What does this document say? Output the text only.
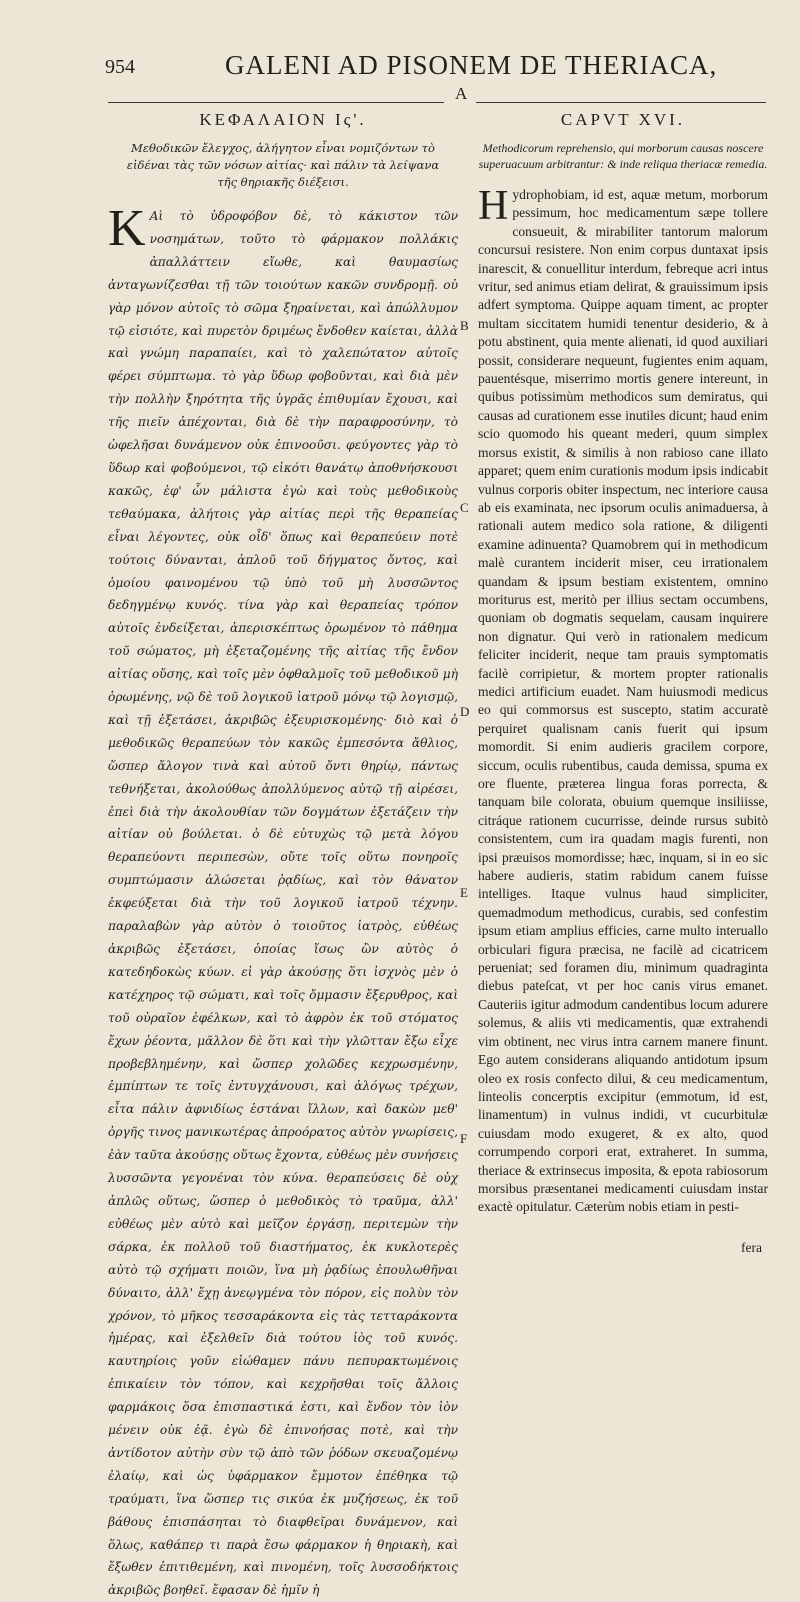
954	GALENI AD PISONEM DE THERIACA,
A
ΚΕΦΑΛΑΙΟΝ Ις'.
Μεθοδικῶν ἔλεγχος, ἀλήγητον εἶναι νομιζόντων τὸ εἰδέναι τὰς τῶν νόσων αἰτίας· καὶ πάλιν τὰ λείψανα τῆς θηριακῆς διέξεισι.
Κ Aὶ τὸ ὑδροφόβον δὲ, τὸ κάκιστον τῶν νοσημάτων, τοῦτο τὸ φάρμακον πολλάκις ἀπαλλάττειν εἴωθε, καὶ θαυμασίως ἀνταγωνίζεσθαι τῇ τῶν τοιούτων κακῶν συνδρομῇ. οὐ γὰρ μόνον αὐτοῖς τὸ σῶμα ξηραίνεται, καὶ ἀπώλλυμον τῷ εἰσιότε, καὶ πυρετὸν δριμέως ἔνδοθεν καίεται, ἀλλὰ καὶ γνώμη παραπαίει, καὶ τὸ χαλεπώτατον αὐτοῖς φέρει σύμπτωμα. τὸ γὰρ ὕδωρ φοβοῦνται, καὶ διὰ μὲν τὴν πολλὴν ξηρότητα τῆς ὑγρᾶς ἐπιθυμίαν ἔχουσι, καὶ τῆς πιεῖν ἀπέχονται, διὰ δὲ τὴν παραφροσύνην, τὸ ὠφελῆσαι δυνάμενον οὐκ ἐπινοοῦσι. φεύγοντες γὰρ τὸ ὕδωρ καὶ φοβούμενοι, τῷ εἰκότι θανάτῳ ἀποθνήσκουσι κακῶς, ἐφ' ὧν μάλιστα ἐγὼ καὶ τοὺς μεθοδικοὺς τεθαύμακα, ἀλήτοις γὰρ αἰτίας περὶ τῆς θεραπείας εἶναι λέγοντες, οὐκ οἶδ' ὅπως καὶ θεραπεύειν ποτὲ τούτοις δύνανται, ἁπλοῦ τοῦ δήγματος ὄντος, καὶ ὁμοίου φαινομένου τῷ ὑπὸ τοῦ μὴ λυσσῶντος δεδηγμένῳ κυνός. τίνα γὰρ καὶ θεραπείας τρόπον αὐτοῖς ἐνδείξεται, ἀπερισκέπτως ὁρωμένον τὸ πάθημα τοῦ σώματος, μὴ ἐξεταζομένης τῆς αἰτίας τῆς ἔνδον αἰτίας οὔσης, καὶ τοῖς μὲν ὀφθαλμοῖς τοῦ μεθοδικοῦ μὴ ὁρωμένης, νῷ δὲ τοῦ λογικοῦ ἰατροῦ μόνῳ τῷ λογισμῷ, καὶ τῇ ἐξετάσει, ἀκριβῶς ἐξευρισκομένης· διὸ καὶ ὁ μεθοδικῶς θεραπεύων τὸν κακῶς ἐμπεσόντα ἄθλιος, ὥσπερ ἄλογον τινὰ καὶ αὐτοῦ ὄντι θηρίῳ, πάντως τεθνήξεται, ἀκολούθως ἀπολλύμενος αὐτῷ τῇ αἱρέσει, ἐπεὶ διὰ τὴν ἀκολουθίαν τῶν δογμάτων ἐξετάζειν τὴν αἰτίαν οὐ βούλεται. ὁ δὲ εὐτυχὼς τῷ μετὰ λόγου θεραπεύοντι περιπεσὼν, οὔτε τοῖς οὕτω πονηροῖς συμπτώμασιν ἁλώσεται ῥᾳδίως, καὶ τὸν θάνατον ἐκφεύξεται διὰ τὴν τοῦ λογικοῦ ἰατροῦ τέχνην. παραλαβὼν γὰρ αὐτὸν ὁ τοιοῦτος ἰατρὸς, εὐθέως ἀκριβῶς ἐξετάσει, ὁποίας ἴσως ὢν αὐτὸς ὁ κατεδηδοκὼς κύων. εἰ γὰρ ἀκούσῃς ὅτι ἰσχνὸς μὲν ὁ κατέχηρος τῷ σώματι, καὶ τοῖς ὄμμασιν ἔξερυθρος, καὶ τοῦ οὐραῖον ἐφέλκων, καὶ τὸ ἀφρὸν ἐκ τοῦ στόματος ἔχων ῥέοντα, μᾶλλον δὲ ὅτι καὶ τὴν γλῶτταν ἔξω εἶχε προβεβλημένην, καὶ ὥσπερ χολῶδες κεχρωσμένην, ἐμπίπτων τε τοῖς ἐντυγχάνουσι, καὶ ἀλόγως τρέχων, εἶτα πάλιν ἀφνιδίως ἑστάναι ἴλλων, καὶ δακὼν μεθ' ὀργῆς τινος μανικωτέρας ἀπροόρατος αὐτὸν γνωρίσεις, ἐὰν ταῦτα ἀκούσῃς οὕτως ἔχοντα, εὐθέως μὲν συνήσεις λυσσῶντα γεγονέναι τὸν κύνα. θεραπεύσεις δὲ οὐχ ἁπλῶς οὕτως, ὥσπερ ὁ μεθοδικὸς τὸ τραῦμα, ἀλλ' εὐθέως μὲν αὐτὸ καὶ μεῖζον ἐργάσῃ, περιτεμὼν τὴν σάρκα, ἐκ πολλοῦ τοῦ διαστήματος, ἐκ κυκλοτερὲς αὐτὸ τῷ σχήματι ποιῶν, ἵνα μὴ ῥᾳδίως ἐπουλωθῆναι δύναιτο, ἀλλ' ἔχῃ ἀνεῳγμένα τὸν πόρον, εἰς πολὺν τὸν χρόνον, τὸ μῆκος τεσσαράκοντα εἰς τὰς τετταράκοντα ἡμέρας, καὶ ἐξελθεῖν διὰ τούτου ἰὸς τοῦ κυνός. καυτηρίοις γοῦν εἰώθαμεν πάνυ πεπυρακτωμένοις ἐπικαίειν τὸν τόπον, καὶ κεχρῆσθαι τοῖς ἄλλοις φαρμάκοις ὅσα ἐπισπαστικά ἐστι, καὶ ἔνδον τὸν ἰὸν μένειν οὐκ ἐᾷ. ἐγὼ δὲ ἐπινοήσας ποτὲ, καὶ τὴν ἀντίδοτον αὐτὴν σὺν τῷ ἀπὸ τῶν ῥόδων σκευαζομένῳ ἐλαίῳ, καὶ ὡς ὑφάρμακον ἔμμοτον ἐπέθηκα τῷ τραύματι, ἵνα ὥσπερ τις σικύα ἐκ μυζήσεως, ἐκ τοῦ βάθους ἐπισπάσηται τὸ διαφθεῖραι δυνάμενον, καὶ ὅλως, καθάπερ τι παρὰ ἔσω φάρμακον ἡ θηριακὴ, καὶ ἔξωθεν ἐπιτιθεμένη, καὶ πινομένη, τοῖς λυσσοδήκτοις ἀκριβῶς βοηθεῖ. ἔφασαν δὲ ἡμῖν ἡ
CAPVT XVI.
Methodicorum reprehensio, qui morborum causas noscere superuacuum arbitrantur: & inde reliqua theriacæ remedia.
Hydrophobiam, id est, aquæ metum, morborum pessimum, hoc medicamentum sæpe tollere consueuit, & mirabiliter tantorum malorum concursui resistere. Non enim corpus duntaxat ipsis inarescit, & conuellitur interdum, febreque acri intus vritur, sed animus etiam delirat, & grauissimum ipsis adfert symptoma. Quippe aquam timent, ac propter multam siccitatem humidi tenentur desiderio, & à potu abstinent, quia mente alienati, id quod auxiliari possit, considerare nequeunt, fugientes enim aquam, pauentésque, miserrimo mortis genere intereunt, in quibus potissimùm methodicos sum demiratus, qui causas ad curationem esse inutiles dicunt; haud enim scio quomodo his queant mederi, quum simplex morsus existit, & similis à non rabioso cane illato apparet; quem enim curationis modum ipsis indicabit vulnus corporis obiter inspectum, nec interiore causa ab eis examinata, nec ipsorum oculis animaduersa, à rationali autem medico sola ratione, & diligenti examine adinuenta? Quamobrem qui in methodicum malè curantem inciderit miser, ceu irrationalem quandam & ipsum bestiam existentem, omnino moriturus est, meritò per illius sectam occumbens, quoniam ob dogmatis sequelam, causam inquirere non dignatur. Qui verò in rationalem medicum feliciter inciderit, neque tam prauis symptomatis facilè corripietur, & mortem propter rationalis medici artificium euadet. Nam huiusmodi medicus eo qui commorsus est suscepto, statim accuratè perquiret qualisnam canis fuerit qui ipsum momordit. Si enim audieris gracilem corpore, siccum, oculis rubentibus, cauda demissa, spuma ex ore fluente, præterea lingua foras porrecta, & tanquam bile colorata, obuium quemque insiliisse, citráque rationem cucurrisse, deinde rursus subitò consistentem, cum ira quadam magis furenti, non ipsi præuisos momordisse; hæc, inquam, si in eo sic habere audieris, statim rabidum canem fuisse intelliges. Itaque vulnus haud simpliciter, quemadmodum methodicus, curabis, sed confestim ipsum etiam amplius efficies, carne multo interuallo orbiculari figura præcisa, ne facilè ad cicatricem perueniat; sed foramen diu, minimum quadraginta diebus pateſcat, vt per hoc canis virus emanet. Cauteriis igitur admodum candentibus locum adurere solemus, & aliis vti medicamentis, quæ extrahendi vim obtinent, nec virus intra carnem manere finunt. Ego autem considerans aliquando antidotum ipsum oleo ex rosis confecto dilui, & ceu medicamentum, linteolis concerptis excipitur (emmotum, id est, linamentum) in vulnus indidi, vt cucurbitulæ cuiusdam modo exugeret, & ex alto, quod corrumpendo corpori erat, extraheret. In summa, theriace & extrinsecus imposita, & epota rabiosorum morsibus præsentanei medicamenti cuiusdam instar exactè opitulatur. Cæterùm nobis etiam in pesti-
B
C
D
E
F
fera
